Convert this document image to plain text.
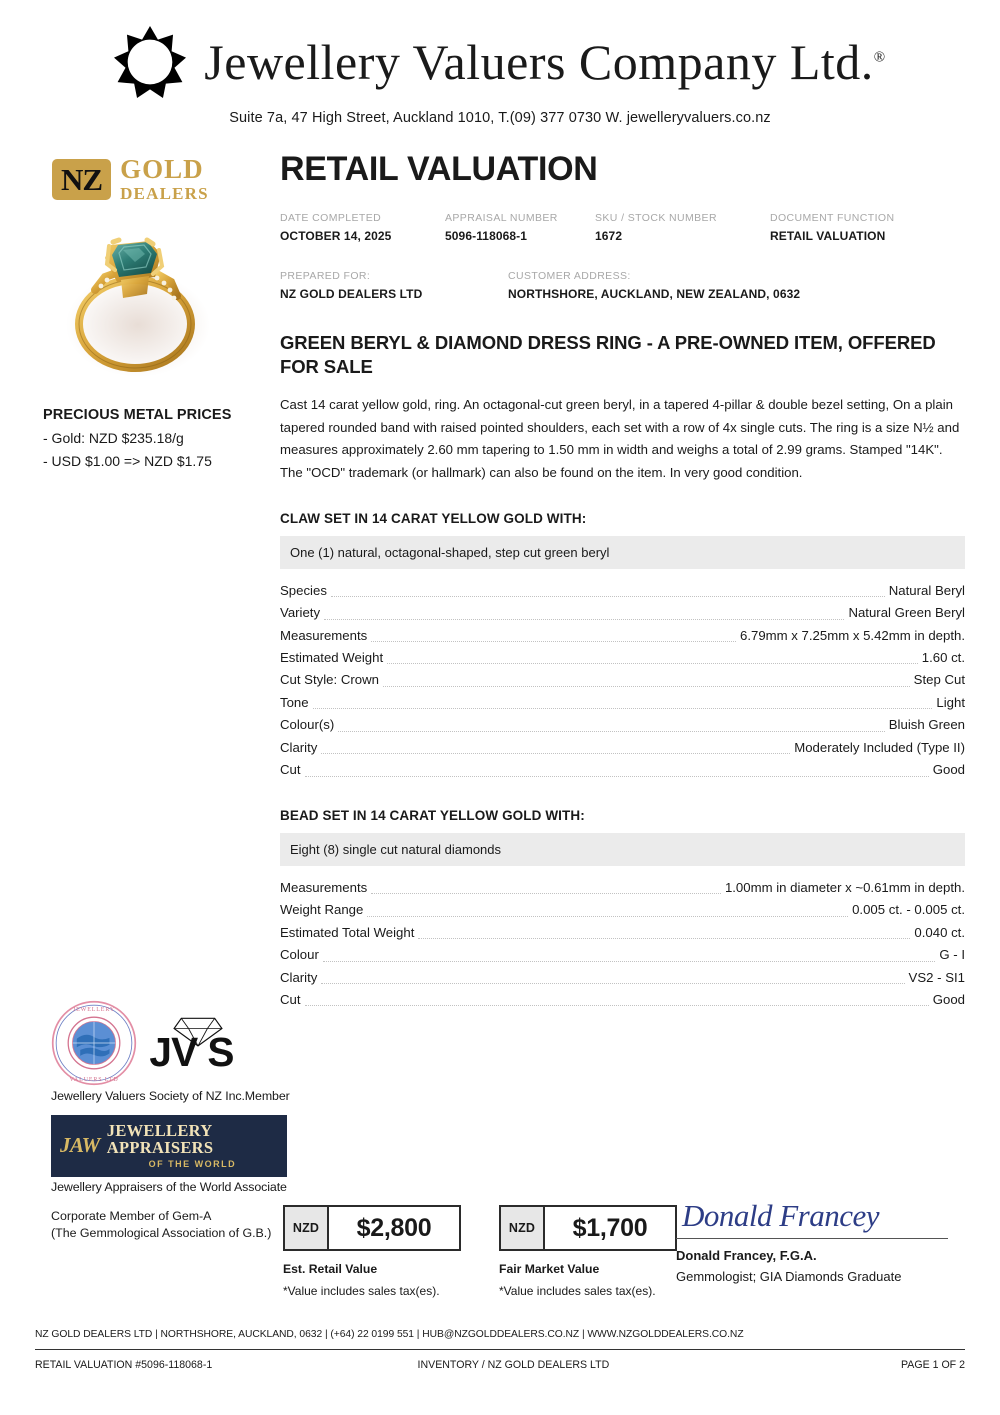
Jewellery Valuers Company Ltd.®
Suite 7a, 47 High Street, Auckland 1010, T.(09) 377 0730 W. jewelleryvaluers.co.nz
NZ GOLD
DEALERS
PRECIOUS METAL PRICES
- Gold: NZD $235.18/g
- USD $1.00 => NZD $1.75
RETAIL VALUATION
DATE COMPLETED
OCTOBER 14, 2025
APPRAISAL NUMBER
5096-118068-1
SKU / STOCK NUMBER
1672
DOCUMENT FUNCTION
RETAIL VALUATION
PREPARED FOR:
NZ GOLD DEALERS LTD
CUSTOMER ADDRESS:
NORTHSHORE, AUCKLAND, NEW ZEALAND, 0632
GREEN BERYL & DIAMOND DRESS RING - A PRE-OWNED ITEM, OFFERED FOR SALE
Cast 14 carat yellow gold, ring. An octagonal-cut green beryl, in a tapered 4-pillar & double bezel setting, On a plain tapered rounded band with raised pointed shoulders, each set with a row of 4x single cuts. The ring is a size N½ and measures approximately 2.60 mm tapering to 1.50 mm in width and weighs a total of 2.99 grams. Stamped "14K". The "OCD" trademark (or hallmark) can also be found on the item. In very good condition.
CLAW SET IN 14 CARAT YELLOW GOLD WITH:
One (1) natural, octagonal-shaped, step cut green beryl
Species	Natural Beryl
Variety	Natural Green Beryl
Measurements	6.79mm x 7.25mm x 5.42mm in depth.
Estimated Weight	1.60 ct.
Cut Style: Crown	Step Cut
Tone	Light
Colour(s)	Bluish Green
Clarity	Moderately Included (Type II)
Cut	Good
BEAD SET IN 14 CARAT YELLOW GOLD WITH:
Eight (8) single cut natural diamonds
Measurements	1.00mm in diameter x ~0.61mm in depth.
Weight Range	0.005 ct. - 0.005 ct.
Estimated Total Weight	0.040 ct.
Colour	G - I
Clarity	VS2 - SI1
Cut	Good
JEWELLERY
VALUERS LTD
J V S
Jewellery Valuers Society of NZ Inc.Member
JAW
JEWELLERY APPRAISERS
OF THE WORLD
Jewellery Appraisers of the World Associate
Corporate Member of Gem-A
(The Gemmological Association of G.B.)	NZD	$2,800
Est. Retail Value
*Value includes sales tax(es).
NZD	$1,700
Fair Market Value
*Value includes sales tax(es).
Donald Francey
Donald Francey, F.G.A.
Gemmologist; GIA Diamonds Graduate
NZ GOLD DEALERS LTD | NORTHSHORE, AUCKLAND, 0632 | (+64) 22 0199 551 | HUB@NZGOLDDEALERS.CO.NZ | WWW.NZGOLDDEALERS.CO.NZ
RETAIL VALUATION #5096-118068-1	INVENTORY / NZ GOLD DEALERS LTD	PAGE 1 OF 2
